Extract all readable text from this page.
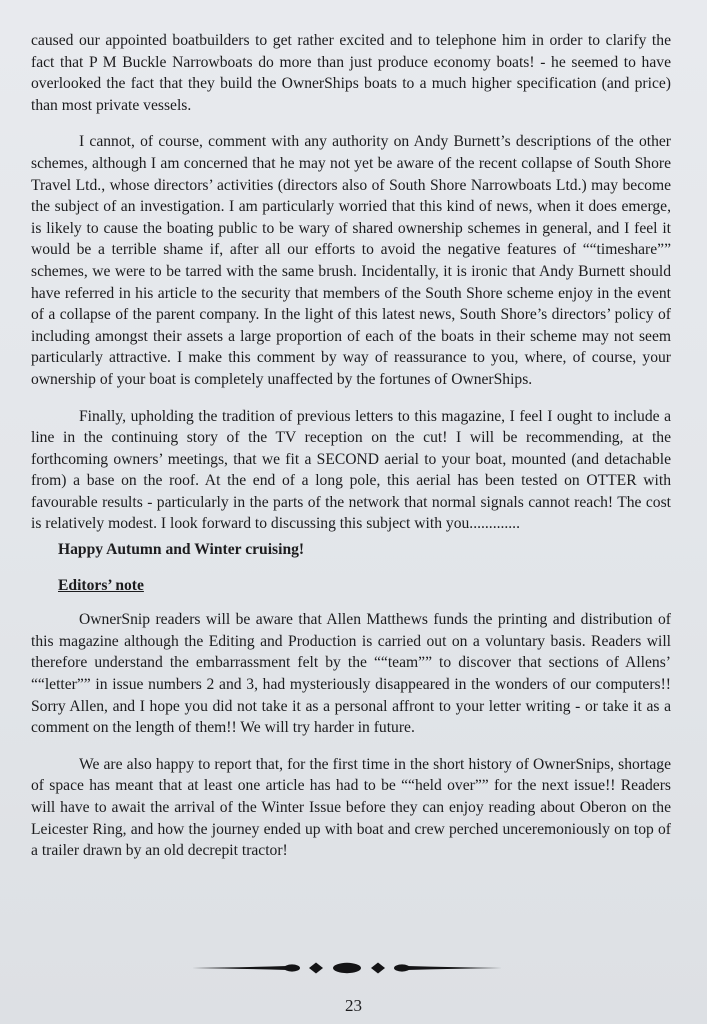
caused our appointed boatbuilders to get rather excited and to telephone him in order to clarify the fact that P M Buckle Narrowboats do more than just produce economy boats! - he seemed to have overlooked the fact that they build the OwnerShips boats to a much higher specification (and price) than most private vessels.

I cannot, of course, comment with any authority on Andy Burnett’s descriptions of the other schemes, although I am concerned that he may not yet be aware of the recent collapse of South Shore Travel Ltd., whose directors’ activities (directors also of South Shore Narrowboats Ltd.) may become the subject of an investigation. I am particularly worried that this kind of news, when it does emerge, is likely to cause the boating public to be wary of shared ownership schemes in general, and I feel it would be a terrible shame if, after all our efforts to avoid the negative features of ““timeshare”” schemes, we were to be tarred with the same brush. Incidentally, it is ironic that Andy Burnett should have referred in his article to the security that members of the South Shore scheme enjoy in the event of a collapse of the parent company. In the light of this latest news, South Shore’s directors’ policy of including amongst their assets a large proportion of each of the boats in their scheme may not seem particularly attractive. I make this comment by way of reassurance to you, where, of course, your ownership of your boat is completely unaffected by the fortunes of OwnerShips.

Finally, upholding the tradition of previous letters to this magazine, I feel I ought to include a line in the continuing story of the TV reception on the cut! I will be recommending, at the forthcoming owners’ meetings, that we fit a SECOND aerial to your boat, mounted (and detachable from) a base on the roof. At the end of a long pole, this aerial has been tested on OTTER with favourable results - particularly in the parts of the network that normal signals cannot reach! The cost is relatively modest. I look forward to discussing this subject with you.............

Happy Autumn and Winter cruising!
Editors’ note

OwnerSnip readers will be aware that Allen Matthews funds the printing and distribution of this magazine although the Editing and Production is carried out on a voluntary basis. Readers will therefore understand the embarrassment felt by the ““team”” to discover that sections of Allens’ ““letter”” in issue numbers 2 and 3, had mysteriously disappeared in the wonders of our computers!! Sorry Allen, and I hope you did not take it as a personal affront to your letter writing - or take it as a comment on the length of them!! We will try harder in future.

We are also happy to report that, for the first time in the short history of OwnerSnips, shortage of space has meant that at least one article has had to be ““held over”” for the next issue!! Readers will have to await the arrival of the Winter Issue before they can enjoy reading about Oberon on the Leicester Ring, and how the journey ended up with boat and crew perched unceremoniously on top of a trailer drawn by an old decrepit tractor!

23
